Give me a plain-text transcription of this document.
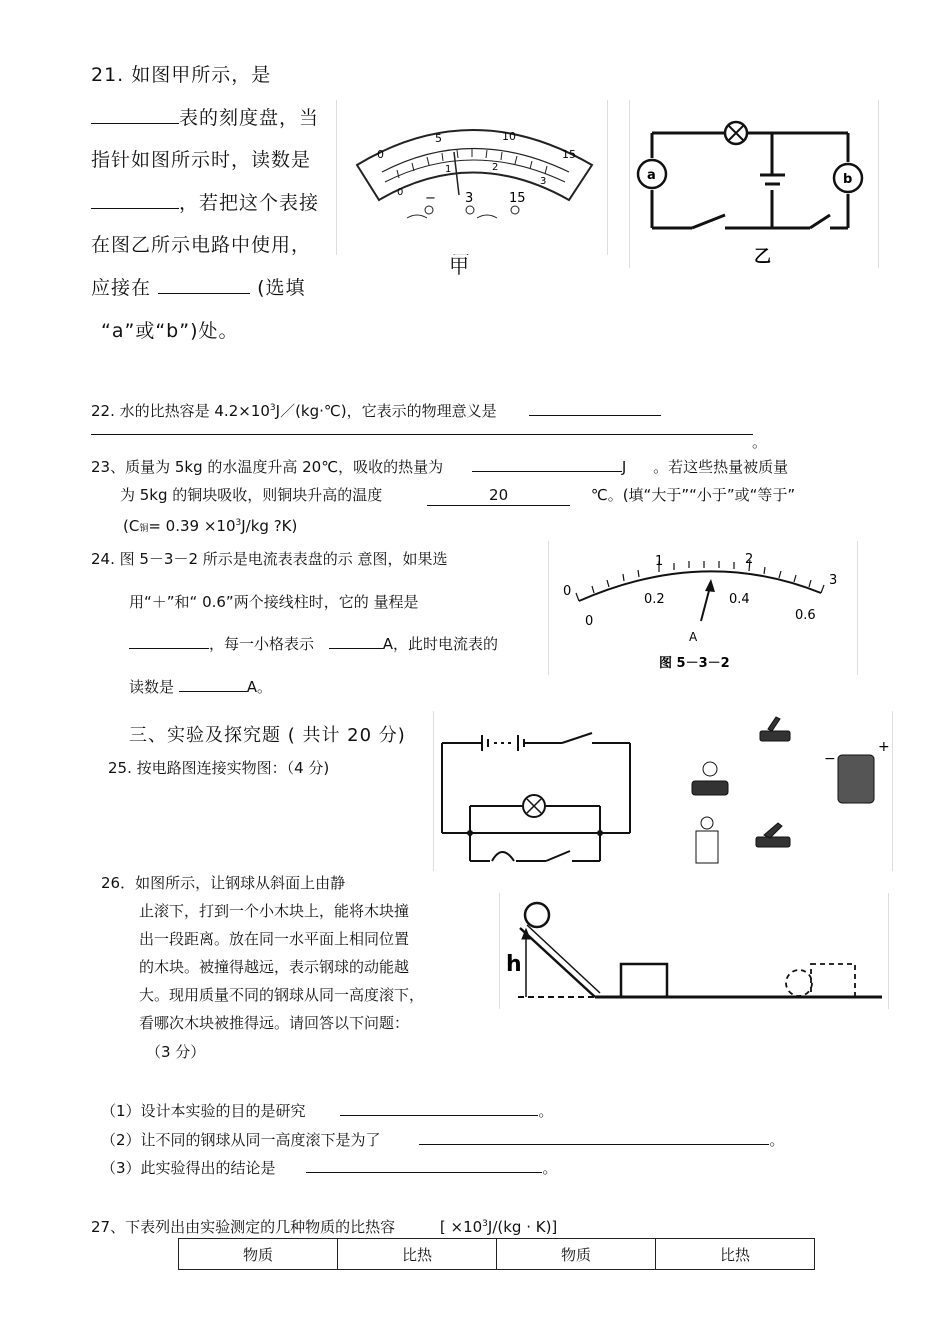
21. 如图甲所示，是
表的刻度盘，当
指针如图所示时，读数是
，若把这个表接
在图乙所示电路中使用，
应接在	(选填
“a”或“b”)处。
0
5	10
15
0
1	2
3
− 3	15
甲
a	b
乙
22. 水的比热容是 $4.2\times 10^3J/(kg\cdot℃)$，它表示的物理意义是
。
23、质量为 5kg 的水温度升高 20℃，吸收的热量为	J 。若这些热量被质量
为 5kg 的铜块吸收，则铜块升高的温度	20	℃。(填“大于”“小于”或“等于”
(C铜= $0.39 \times 10^3J/kg$ ?K)
24. 图 5－3－2 所示是电流表表盘的示 意图，如果选
用“＋”和“ 0.6”两个接线柱时，它的 量程是
，每一小格表示	A，此时电流表的
读数是	A。
0
0
1	2
3
0.2	0.4
0.6
A
图 5－3－2
三、实验及探究题 ( 共计 20 分)
25. 按电路图连接实物图：（4 分)	−
+
26．如图所示，让钢球从斜面上由静
止滚下，打到一个小木块上，能将木块撞
出一段距离。放在同一水平面上相同位置
的木块。被撞得越远，表示钢球的动能越
大。现用质量不同的钢球从同一高度滚下，
看哪次木块被推得远。请回答以下问题：
（3 分）
h
（1）设计本实验的目的是研究	。
（2）让不同的钢球从同一高度滚下是为了	。
（3）此实验得出的结论是	。
27、下表列出由实验测定的几种物质的比热容	[ $\times 10^3J/(kg \cdot K)$]
物质	比热	物质	比热
